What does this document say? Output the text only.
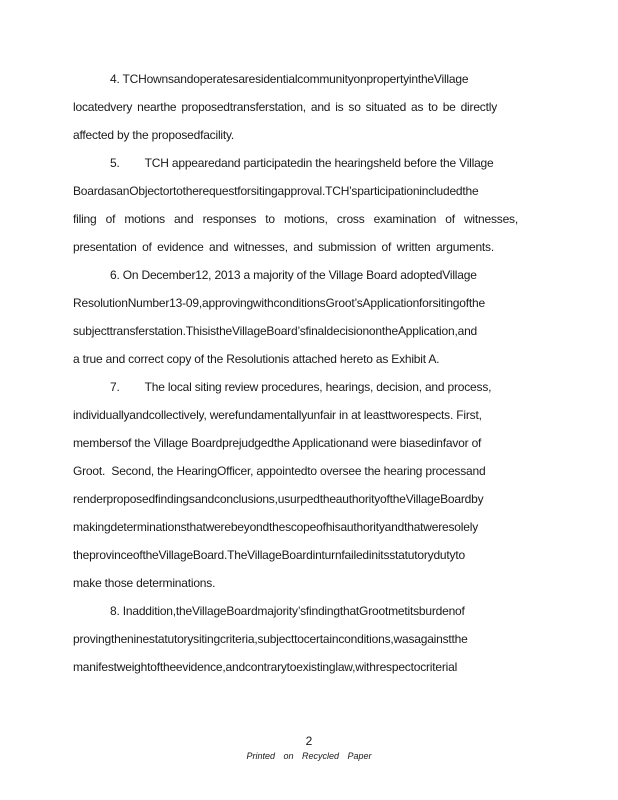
4. TCHownsandoperatesaresidentialcommunityonpropertyintheVillage
locatedvery nearthe proposedtransferstation, and is so situated as to be directly
affected by the proposedfacility.
5.        TCH appearedand participatedin the hearingsheld before the Village
BoardasanObjectortotherequestforsitingapproval.TCH’sparticipationincludedthe
filing of motions and responses to motions, cross examination of witnesses,
presentation of evidence and witnesses, and submission of written arguments.
6. On December12, 2013 a majority of the Village Board adoptedVillage
ResolutionNumber13-09,approvingwithconditionsGroot’sApplicationforsitingofthe
subjecttransferstation.ThisistheVillageBoard’sfinaldecisionontheApplication,and
a true and correct copy of the Resolutionis attached hereto as Exhibit A.
7.        The local siting review procedures, hearings, decision, and process,
individuallyandcollectively, werefundamentallyunfair in at leasttworespects. First,
membersof the Village Boardprejudgedthe Applicationand were biasedinfavor of
Groot.  Second, the HearingOfficer, appointedto oversee the hearing processand
renderproposedfindingsandconclusions,usurpedtheauthorityoftheVillageBoardby
makingdeterminationsthatwerebeyondthescopeofhisauthorityandthatweresolely
theprovinceoftheVillageBoard.TheVillageBoardinturnfailedinitsstatutorydutyto
make those determinations.
8. Inaddition,theVillageBoardmajority’sfindingthatGrootmetitsburdenof
provingtheninestatutorysitingcriteria,subjecttocertainconditions,wasagainstthe
manifestweightoftheevidence,andcontrarytoexistinglaw,withrespectocriterial
2
Printed on Recycled Paper
